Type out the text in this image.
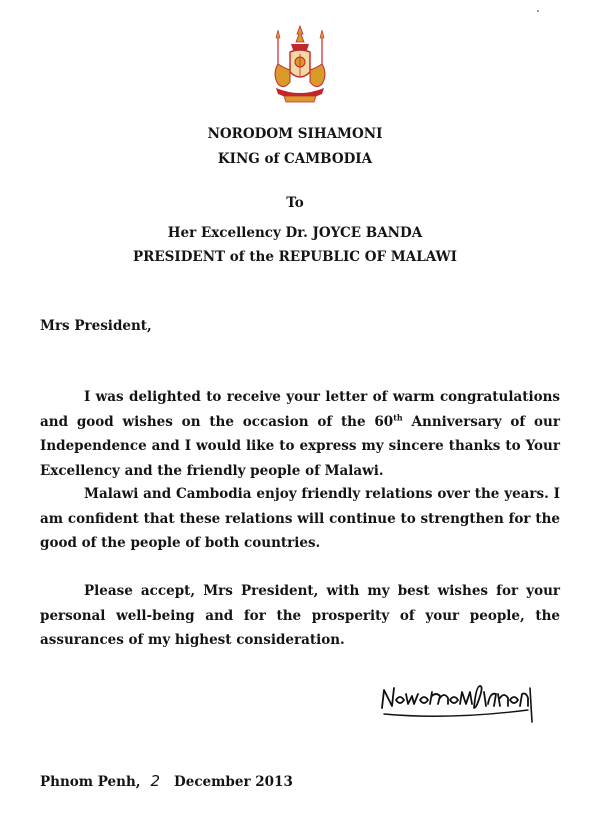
NORODOM SIHAMONI
KING of CAMBODIA
To
Her Excellency Dr. JOYCE BANDA
PRESIDENT of the REPUBLIC OF MALAWI
Mrs President,
I was delighted to receive your letter of warm congratulations and good wishes on the occasion of the 60th Anniversary of our Independence and I would like to express my sincere thanks to Your Excellency and the friendly people of Malawi.
Malawi and Cambodia enjoy friendly relations over the years. I am confident that these relations will continue to strengthen for the good of the people of both countries.
Please accept, Mrs President, with my best wishes for your personal well-being and for the prosperity of your people, the assurances of my highest consideration.
Phnom Penh, 2 December 2013
